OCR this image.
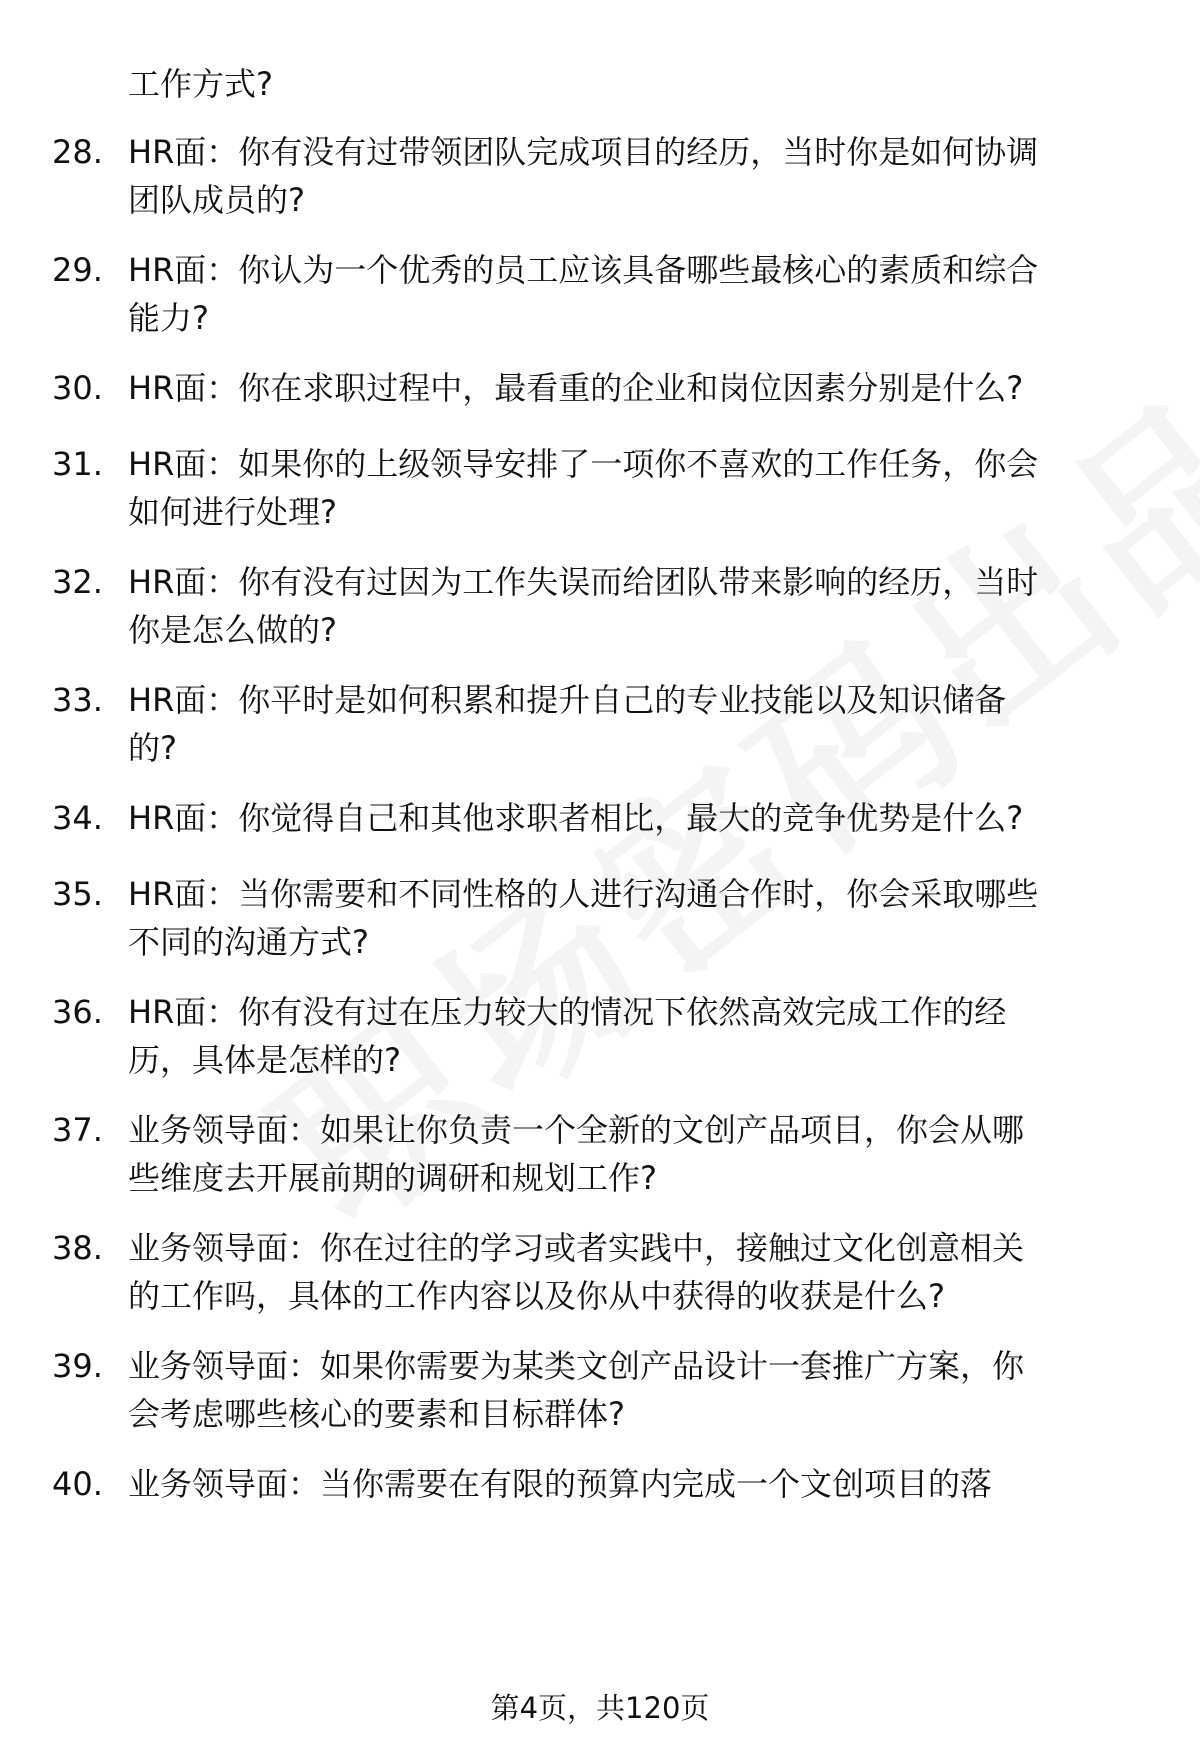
工作方式?
28. HR面：你有没有过带领团队完成项目的经历，当时你是如何协调
团队成员的?
29. HR面：你认为一个优秀的员工应该具备哪些最核心的素质和综合
能力?
30. HR面：你在求职过程中，最看重的企业和岗位因素分别是什么?
31. HR面：如果你的上级领导安排了一项你不喜欢的工作任务，你会
如何进行处理?
32. HR面：你有没有过因为工作失误而给团队带来影响的经历，当时
你是怎么做的?
33. HR面：你平时是如何积累和提升自己的专业技能以及知识储备
的?
34. HR面：你觉得自己和其他求职者相比，最大的竞争优势是什么?
35. HR面：当你需要和不同性格的人进行沟通合作时，你会采取哪些
不同的沟通方式?
36. HR面：你有没有过在压力较大的情况下依然高效完成工作的经
历，具体是怎样的?
37. 业务领导面：如果让你负责一个全新的文创产品项目，你会从哪
些维度去开展前期的调研和规划工作?
38. 业务领导面：你在过往的学习或者实践中，接触过文化创意相关
的工作吗，具体的工作内容以及你从中获得的收获是什么?
39. 业务领导面：如果你需要为某类文创产品设计一套推广方案，你
会考虑哪些核心的要素和目标群体?
40. 业务领导面：当你需要在有限的预算内完成一个文创项目的落
第4页，共120页
